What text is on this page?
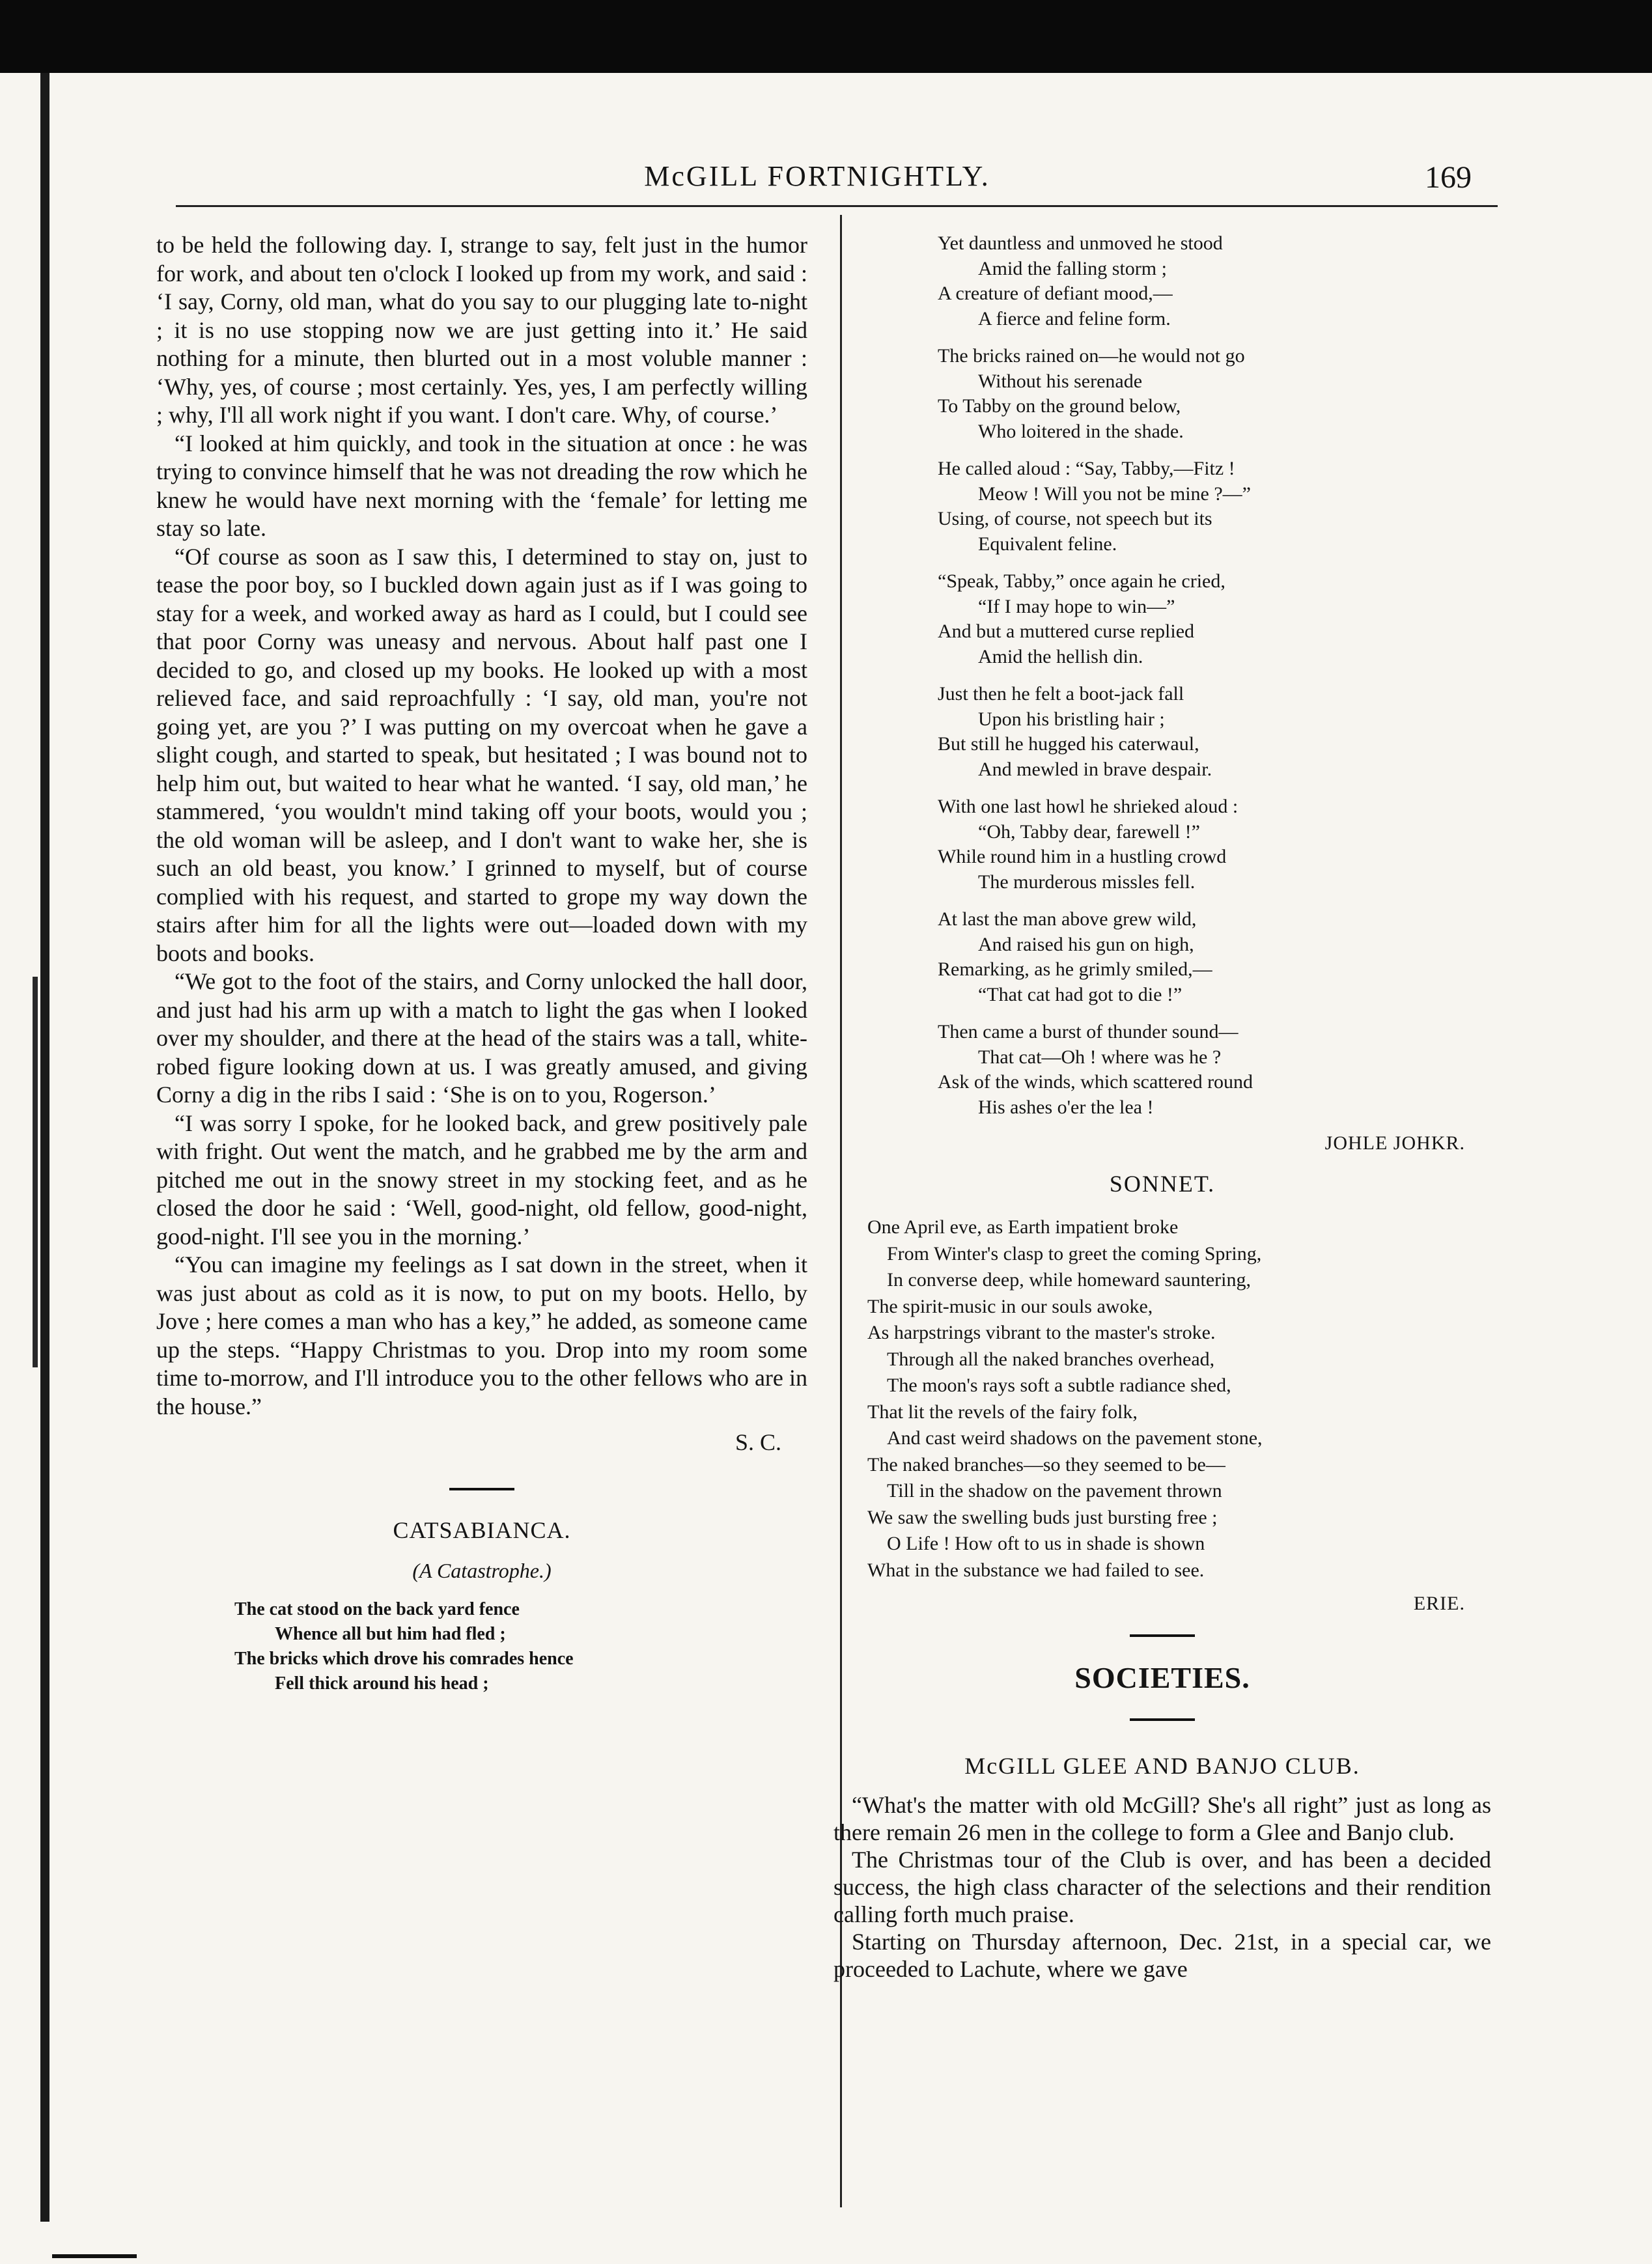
McGILL FORTNIGHTLY.	169

to be held the following day. I, strange to say, felt just in the humor for work, and about ten o'clock I looked up from my work, and said : ‘I say, Corny, old man, what do you say to our plugging late to-night ; it is no use stopping now we are just getting into it.’ He said nothing for a minute, then blurted out in a most voluble manner : ‘Why, yes, of course ; most certainly. Yes, yes, I am perfectly willing ; why, I'll all work night if you want. I don't care. Why, of course.’

“I looked at him quickly, and took in the situation at once : he was trying to convince himself that he was not dreading the row which he knew he would have next morning with the ‘female’ for letting me stay so late.

“Of course as soon as I saw this, I determined to stay on, just to tease the poor boy, so I buckled down again just as if I was going to stay for a week, and worked away as hard as I could, but I could see that poor Corny was uneasy and nervous. About half past one I decided to go, and closed up my books. He looked up with a most relieved face, and said reproachfully : ‘I say, old man, you're not going yet, are you ?’ I was putting on my overcoat when he gave a slight cough, and started to speak, but hesitated ; I was bound not to help him out, but waited to hear what he wanted. ‘I say, old man,’ he stammered, ‘you wouldn't mind taking off your boots, would you ; the old woman will be asleep, and I don't want to wake her, she is such an old beast, you know.’ I grinned to myself, but of course complied with his request, and started to grope my way down the stairs after him for all the lights were out—loaded down with my boots and books.

“We got to the foot of the stairs, and Corny unlocked the hall door, and just had his arm up with a match to light the gas when I looked over my shoulder, and there at the head of the stairs was a tall, white-robed figure looking down at us. I was greatly amused, and giving Corny a dig in the ribs I said : ‘She is on to you, Rogerson.’

“I was sorry I spoke, for he looked back, and grew positively pale with fright. Out went the match, and he grabbed me by the arm and pitched me out in the snowy street in my stocking feet, and as he closed the door he said : ‘Well, good-night, old fellow, good-night, good-night. I'll see you in the morning.’

“You can imagine my feelings as I sat down in the street, when it was just about as cold as it is now, to put on my boots. Hello, by Jove ; here comes a man who has a key,” he added, as someone came up the steps. “Happy Christmas to you. Drop into my room some time to-morrow, and I'll introduce you to the other fellows who are in the house.”

S. C.
CATSABIANCA.
(A Catastrophe.)
The cat stood on the back yard fence
Whence all but him had fled ;
The bricks which drove his comrades hence
Fell thick around his head ;
Yet dauntless and unmoved he stood
Amid the falling storm ;
A creature of defiant mood,—
A fierce and feline form.
The bricks rained on—he would not go
Without his serenade
To Tabby on the ground below,
Who loitered in the shade.
He called aloud : “Say, Tabby,—Fitz !
Meow ! Will you not be mine ?—”
Using, of course, not speech but its
Equivalent feline.
“Speak, Tabby,” once again he cried,
“If I may hope to win—”
And but a muttered curse replied
Amid the hellish din.
Just then he felt a boot-jack fall
Upon his bristling hair ;
But still he hugged his caterwaul,
And mewled in brave despair.
With one last howl he shrieked aloud :
“Oh, Tabby dear, farewell !”
While round him in a hustling crowd
The murderous missles fell.
At last the man above grew wild,
And raised his gun on high,
Remarking, as he grimly smiled,—
“That cat had got to die !”
Then came a burst of thunder sound—
That cat—Oh ! where was he ?
Ask of the winds, which scattered round
His ashes o'er the lea !
JOHLE JOHKR.
SONNET.
One April eve, as Earth impatient broke
From Winter's clasp to greet the coming Spring,
In converse deep, while homeward sauntering,
The spirit-music in our souls awoke,
As harpstrings vibrant to the master's stroke.
Through all the naked branches overhead,
The moon's rays soft a subtle radiance shed,
That lit the revels of the fairy folk,
And cast weird shadows on the pavement stone,
The naked branches—so they seemed to be—
Till in the shadow on the pavement thrown
We saw the swelling buds just bursting free ;
O Life ! How oft to us in shade is shown
What in the substance we had failed to see.
ERIE.
SOCIETIES.
McGILL GLEE AND BANJO CLUB.

“What's the matter with old McGill? She's all right” just as long as there remain 26 men in the college to form a Glee and Banjo club.

The Christmas tour of the Club is over, and has been a decided success, the high class character of the selections and their rendition calling forth much praise.

Starting on Thursday afternoon, Dec. 21st, in a special car, we proceeded to Lachute, where we gave
